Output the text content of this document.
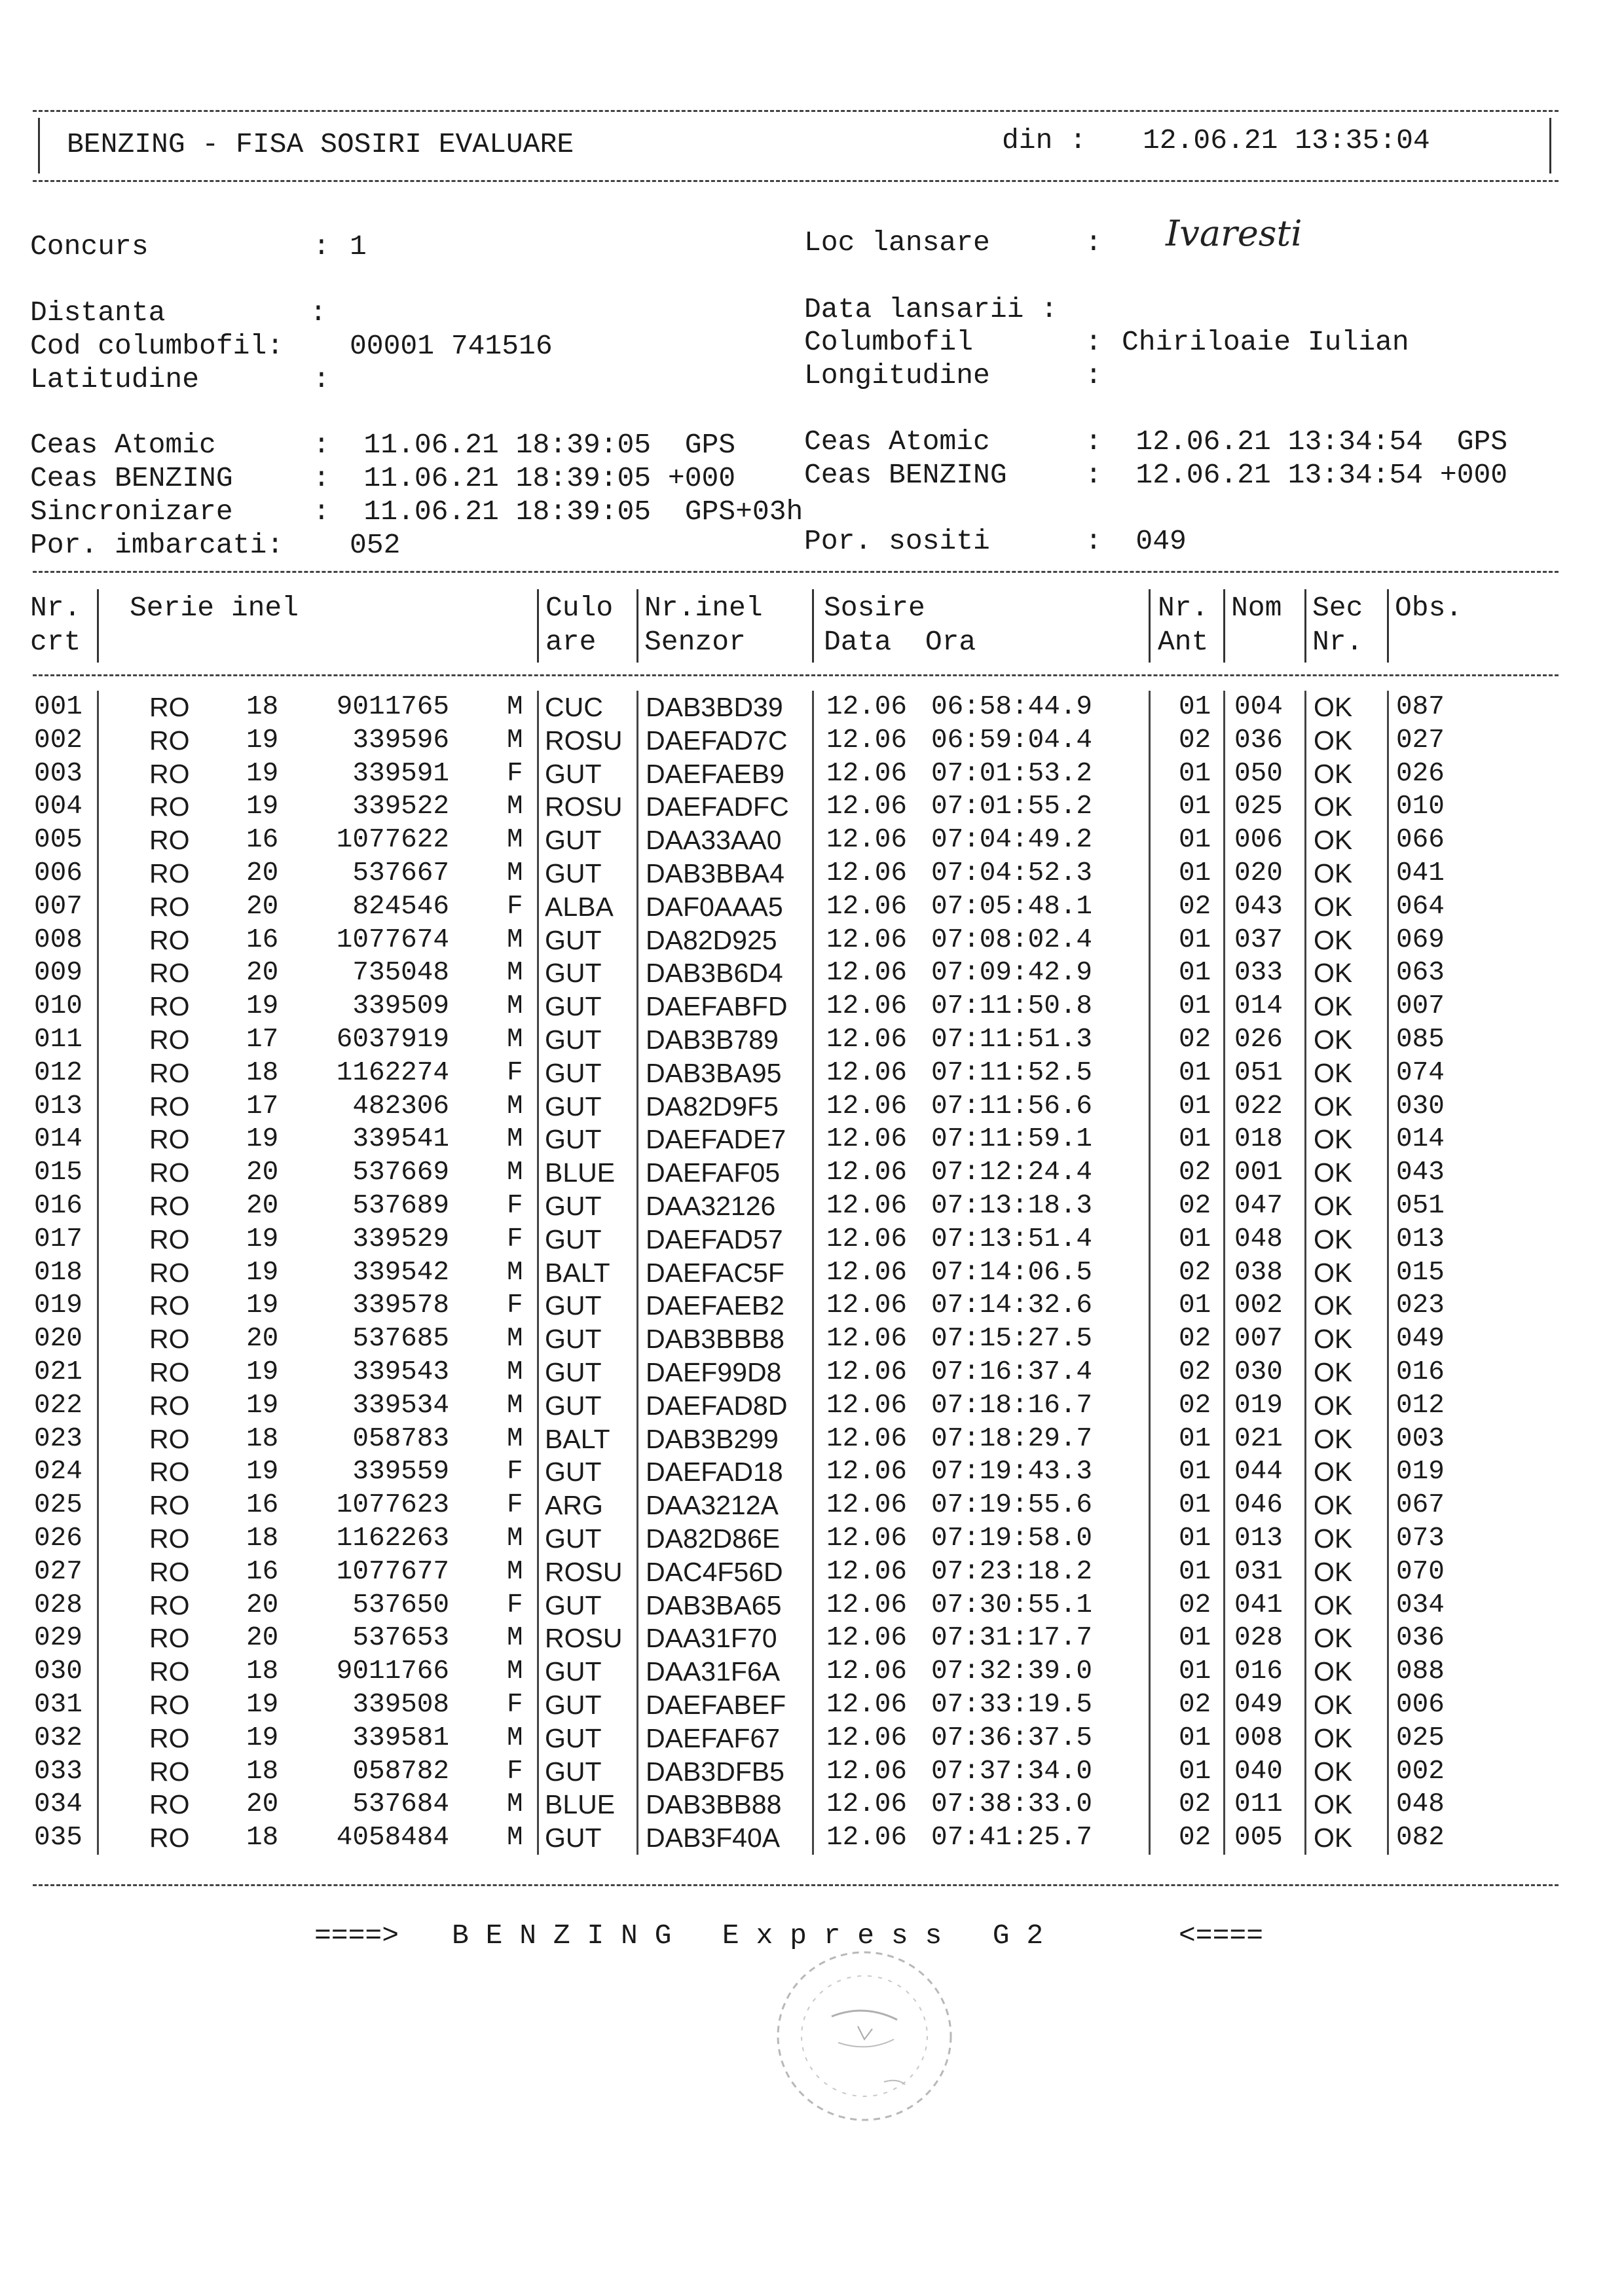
BENZING - FISA SOSIRI EVALUARE	din : 12.06.21 13:35:04
Concurs	: 1	Loc lansare	: Ivaresti
Distanta	:
Cod columbofil: 00001 741516
Latitudine	:
Data lansarii :
Columbofil	: Chiriloaie Iulian
Longitudine	:
Ceas Atomic	:  11.06.21 18:39:05  GPS
Ceas BENZING	:  11.06.21 18:39:05 +000
Sincronizare	:  11.06.21 18:39:05  GPS+03h
Por. imbarcati: 052
Ceas Atomic	:  12.06.21 13:34:54  GPS
Ceas BENZING	:  12.06.21 13:34:54 +000
Por. sositi	:  049
Nr.
crt
Serie inel	Culo
are
Nr.inel
Senzor
Sosire
Data  Ora
Nr.
Ant
Nom Sec
Nr.
Obs.
001 RO 18 9011765 M CUC DAB3BD39 12.06 06:58:44.9	01 004 OK 087
002 RO 19	339596 M ROSU DAEFAD7C 12.06 06:59:04.4	02 036 OK 027
003 RO 19	339591 F GUT DAEFAEB9 12.06 07:01:53.2	01 050 OK 026
004 RO 19	339522 M ROSU DAEFADFC 12.06 07:01:55.2	01 025 OK 010
005 RO 16 1077622 M GUT DAA33AA0 12.06 07:04:49.2	01 006 OK 066
006 RO 20	537667 M GUT DAB3BBA4 12.06 07:04:52.3	01 020 OK 041
007 RO 20	824546 F ALBA DAF0AAA5 12.06 07:05:48.1	02 043 OK 064
008 RO 16 1077674 M GUT DA82D925 12.06 07:08:02.4	01 037 OK 069
009 RO 20	735048 M GUT DAB3B6D4 12.06 07:09:42.9	01 033 OK 063
010 RO 19	339509 M GUT DAEFABFD 12.06 07:11:50.8	01 014 OK 007
011 RO 17 6037919 M GUT DAB3B789 12.06 07:11:51.3	02 026 OK 085
012 RO 18 1162274 F GUT DAB3BA95 12.06 07:11:52.5	01 051 OK 074
013 RO 17	482306 M GUT DA82D9F5 12.06 07:11:56.6	01 022 OK 030
014 RO 19	339541 M GUT DAEFADE7 12.06 07:11:59.1	01 018 OK 014
015 RO 20	537669 M BLUE DAEFAF05 12.06 07:12:24.4	02 001 OK 043
016 RO 20	537689 F GUT DAA32126 12.06 07:13:18.3	02 047 OK 051
017 RO 19	339529 F GUT DAEFAD57 12.06 07:13:51.4	01 048 OK 013
018 RO 19	339542 M BALT DAEFAC5F 12.06 07:14:06.5	02 038 OK 015
019 RO 19	339578 F GUT DAEFAEB2 12.06 07:14:32.6	01 002 OK 023
020 RO 20	537685 M GUT DAB3BBB8 12.06 07:15:27.5	02 007 OK 049
021 RO 19	339543 M GUT DAEF99D8 12.06 07:16:37.4	02 030 OK 016
022 RO 19	339534 M GUT DAEFAD8D 12.06 07:18:16.7	02 019 OK 012
023 RO 18	058783 M BALT DAB3B299 12.06 07:18:29.7	01 021 OK 003
024 RO 19	339559 F GUT DAEFAD18 12.06 07:19:43.3	01 044 OK 019
025 RO 16 1077623 F ARG DAA3212A 12.06 07:19:55.6	01 046 OK 067
026 RO 18 1162263 M GUT DA82D86E 12.06 07:19:58.0	01 013 OK 073
027 RO 16 1077677 M ROSU DAC4F56D 12.06 07:23:18.2	01 031 OK 070
028 RO 20	537650 F GUT DAB3BA65 12.06 07:30:55.1	02 041 OK 034
029 RO 20	537653 M ROSU DAA31F70 12.06 07:31:17.7	01 028 OK 036
030 RO 18 9011766 M GUT DAA31F6A 12.06 07:32:39.0	01 016 OK 088
031 RO 19	339508 F GUT DAEFABEF 12.06 07:33:19.5	02 049 OK 006
032 RO 19	339581 M GUT DAEFAF67 12.06 07:36:37.5	01 008 OK 025
033 RO 18	058782 F GUT DAB3DFB5 12.06 07:37:34.0	01 040 OK 002
034 RO 20	537684 M BLUE DAB3BB88 12.06 07:38:33.0	02 011 OK 048
035 RO 18 4058484 M GUT DAB3F40A 12.06 07:41:25.7	02 005 OK 082
====> B E N Z I N G   E x p r e s s   G 2	<====
